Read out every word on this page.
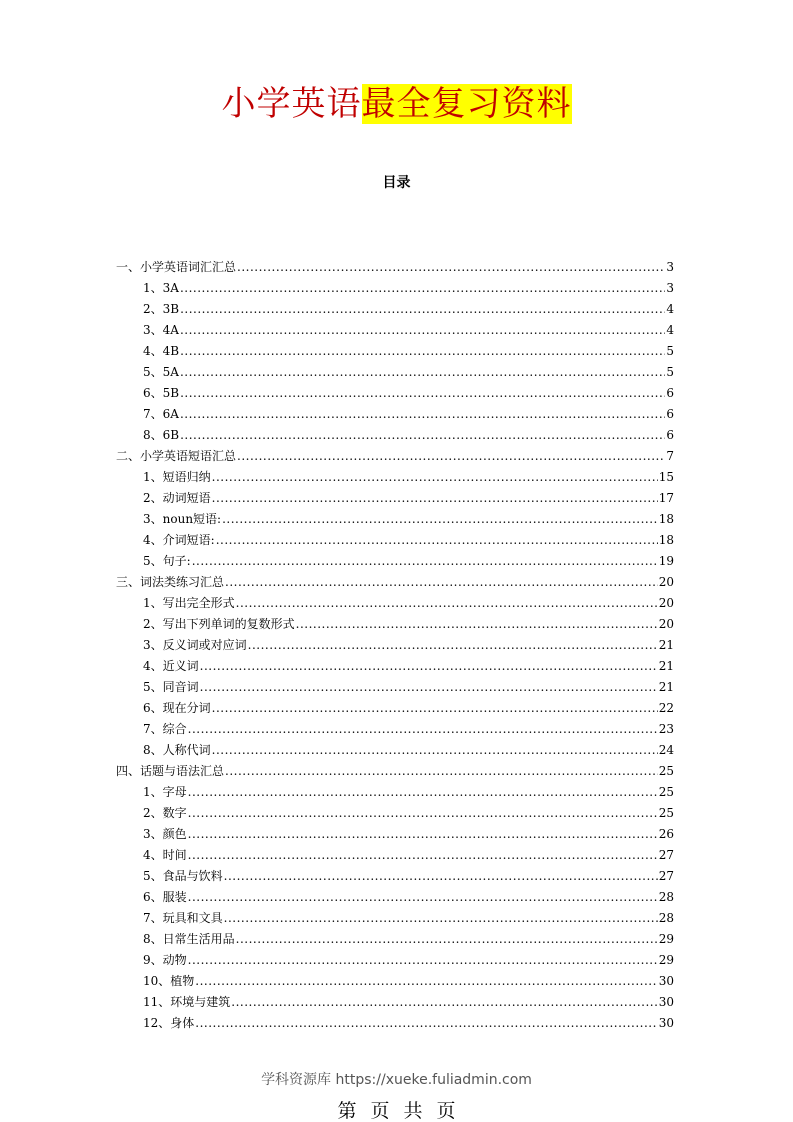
小学英语最全复习资料
目录
一、小学英语词汇汇总 .....	3
1、3A .....	3
2、3B .....	4
3、4A .....	4
4、4B .....	5
5、5A .....	5
6、5B .....	6
7、6A .....	6
8、6B .....	6
二、小学英语短语汇总 .....	7
1、短语归纳 .....	15
2、动词短语 .....	17
3、noun短语: .....	18
4、介词短语: .....	18
5、句子: .....	19
三、词法类练习汇总 .....	20
1、写出完全形式 .....	20
2、写出下列单词的复数形式 .....	20
3、反义词或对应词 .....	21
4、近义词 .....	21
5、同音词 .....	21
6、现在分词 .....	22
7、综合 .....	23
8、人称代词 .....	24
四、话题与语法汇总 .....	25
1、字母 .....	25
2、数字 .....	25
3、颜色 .....	26
4、时间 .....	27
5、食品与饮料 .....	27
6、服装 .....	28
7、玩具和文具 .....	28
8、日常生活用品 .....	29
9、动物 .....	29
10、植物 .....	30
11、环境与建筑 .....	30
12、身体 .....	30
学科资源库 https://xueke.fuliadmin.com
第 页 共 页
